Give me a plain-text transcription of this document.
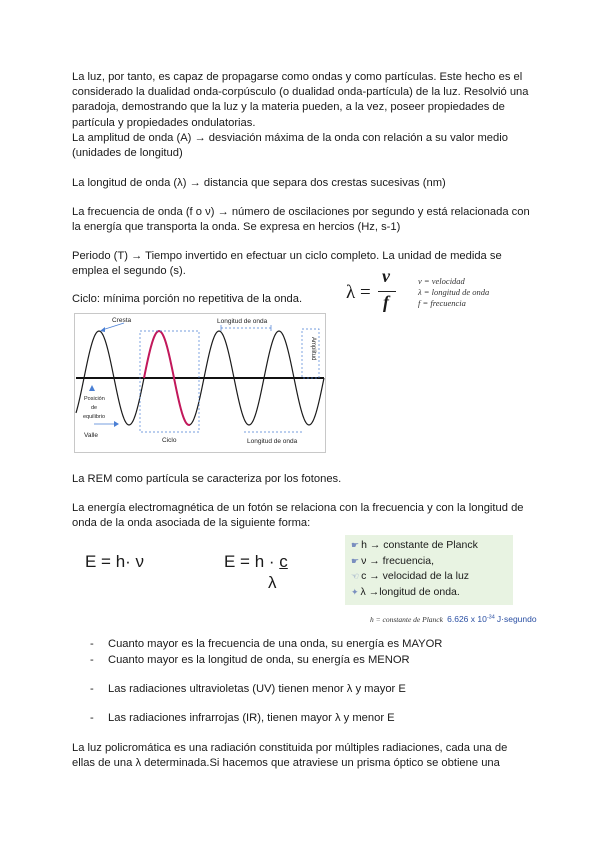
La luz, por tanto, es capaz de propagarse como ondas y como partículas. Este hecho es el considerado la dualidad onda-corpúsculo (o dualidad onda-partícula) de la luz. Resolvió una paradoja, demostrando que la luz y la materia pueden, a la vez, poseer propiedades de partícula y propiedades ondulatorias.
La amplitud de onda (A) → desviación máxima de la onda con relación a su valor medio (unidades de longitud)
La longitud de onda (λ) → distancia que separa dos crestas sucesivas (nm)
La frecuencia de onda (f o ν) → número de oscilaciones por segundo y está relacionada con la energía que transporta la onda. Se expresa en hercios (Hz, s-1)
Periodo (T) → Tiempo invertido en efectuar un ciclo completo. La unidad de medida se emplea el segundo (s).
Ciclo: mínima porción no repetitiva de la onda.	λ =
v
f
v = velocidad
λ = longitud de onda
f = frecuencia
Amplitud
Cresta	Longitud de onda
Posición
de
equilibrio
Valle
Ciclo	Longitud de onda
La REM como partícula se caracteriza por los fotones.
La energía electromagnética de un fotón se relaciona con la frecuencia y con la longitud de onda de la onda asociada de la siguiente forma:
E = h· ν	E = h · c
λ
☛ h → constante de Planck
☛ ν → frecuencia,
☜ c → velocidad de la luz
✦ λ →longitud de onda.
h = constante de Planck 6.626 x $10^{-34}$ J·segundo
- Cuanto mayor es la frecuencia de una onda, su energía es MAYOR
- Cuanto mayor es la longitud de onda, su energía es MENOR
- Las radiaciones ultravioletas (UV) tienen menor λ y mayor E
- Las radiaciones infrarrojas (IR), tienen mayor λ y menor E
La luz policromática es una radiación constituida por múltiples radiaciones, cada una de ellas de una λ determinada.Si hacemos que atraviese un prisma óptico se obtiene una
